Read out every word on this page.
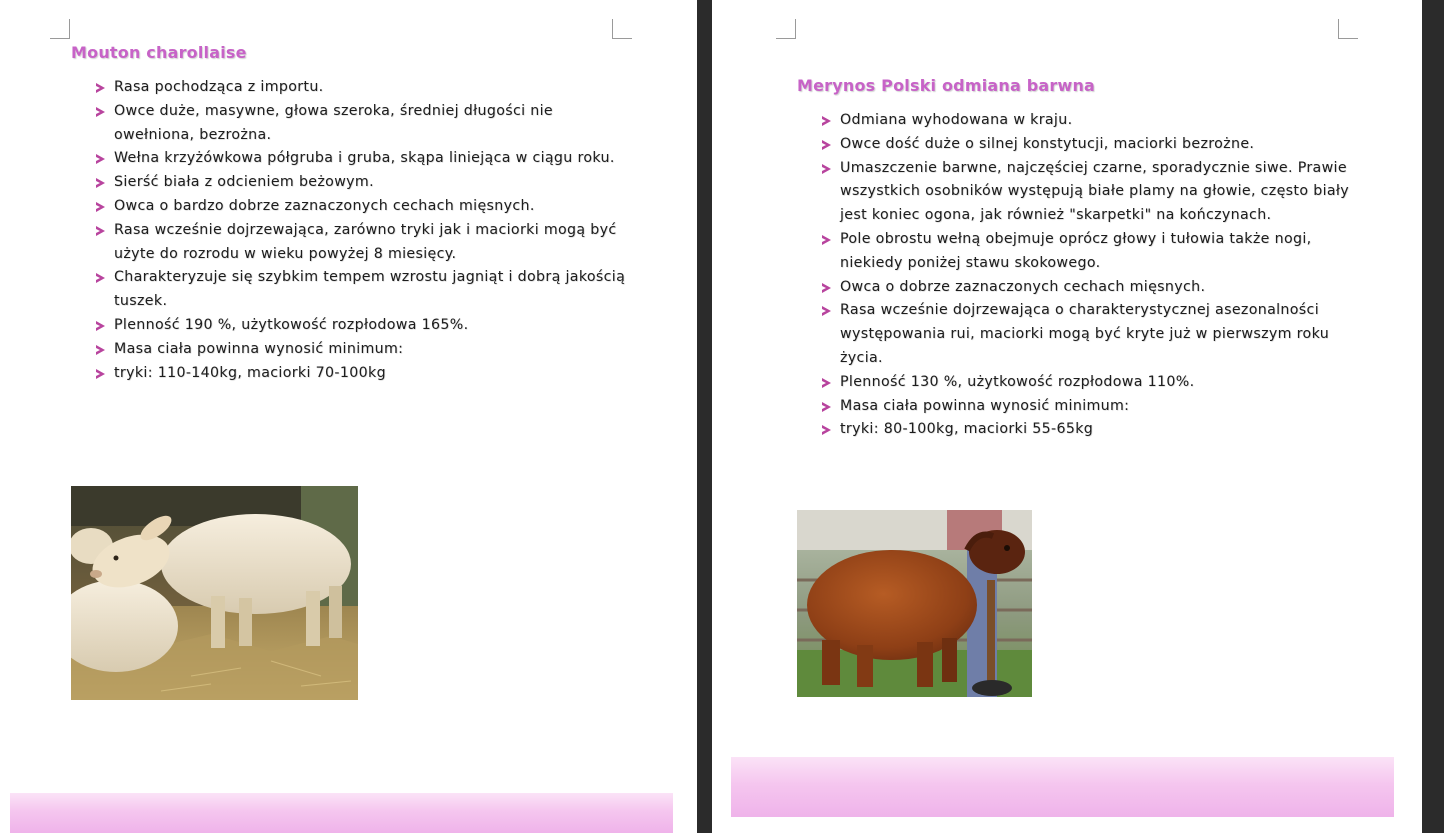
Mouton charollaise
Rasa pochodząca z importu.
Owce duże, masywne, głowa szeroka, średniej długości nie owełniona, bezrożna.
Wełna krzyżówkowa półgruba i gruba, skąpa liniejąca w ciągu roku.
Sierść biała z odcieniem beżowym.
Owca o bardzo dobrze zaznaczonych cechach mięsnych.
Rasa wcześnie dojrzewająca, zarówno tryki jak i maciorki mogą być użyte do rozrodu w wieku powyżej 8 miesięcy.
Charakteryzuje się szybkim tempem wzrostu jagniąt i dobrą jakością tuszek.
Plenność 190 %, użytkowość rozpłodowa 165%.
Masa ciała powinna wynosić minimum:
tryki: 110-140kg, maciorki 70-100kg
Merynos Polski odmiana barwna
Odmiana wyhodowana w kraju.
Owce dość duże o silnej konstytucji, maciorki bezrożne.
Umaszczenie barwne, najczęściej czarne, sporadycznie siwe. Prawie wszystkich osobników występują białe plamy na głowie, często biały jest koniec ogona, jak również "skarpetki" na kończynach.
Pole obrostu wełną obejmuje oprócz głowy i tułowia także nogi, niekiedy poniżej stawu skokowego.
Owca o dobrze zaznaczonych cechach mięsnych.
Rasa wcześnie dojrzewająca o charakterystycznej asezonalności występowania rui, maciorki mogą być kryte już w pierwszym roku życia.
Plenność 130 %, użytkowość rozpłodowa 110%.
Masa ciała powinna wynosić minimum:
tryki: 80-100kg, maciorki 55-65kg
